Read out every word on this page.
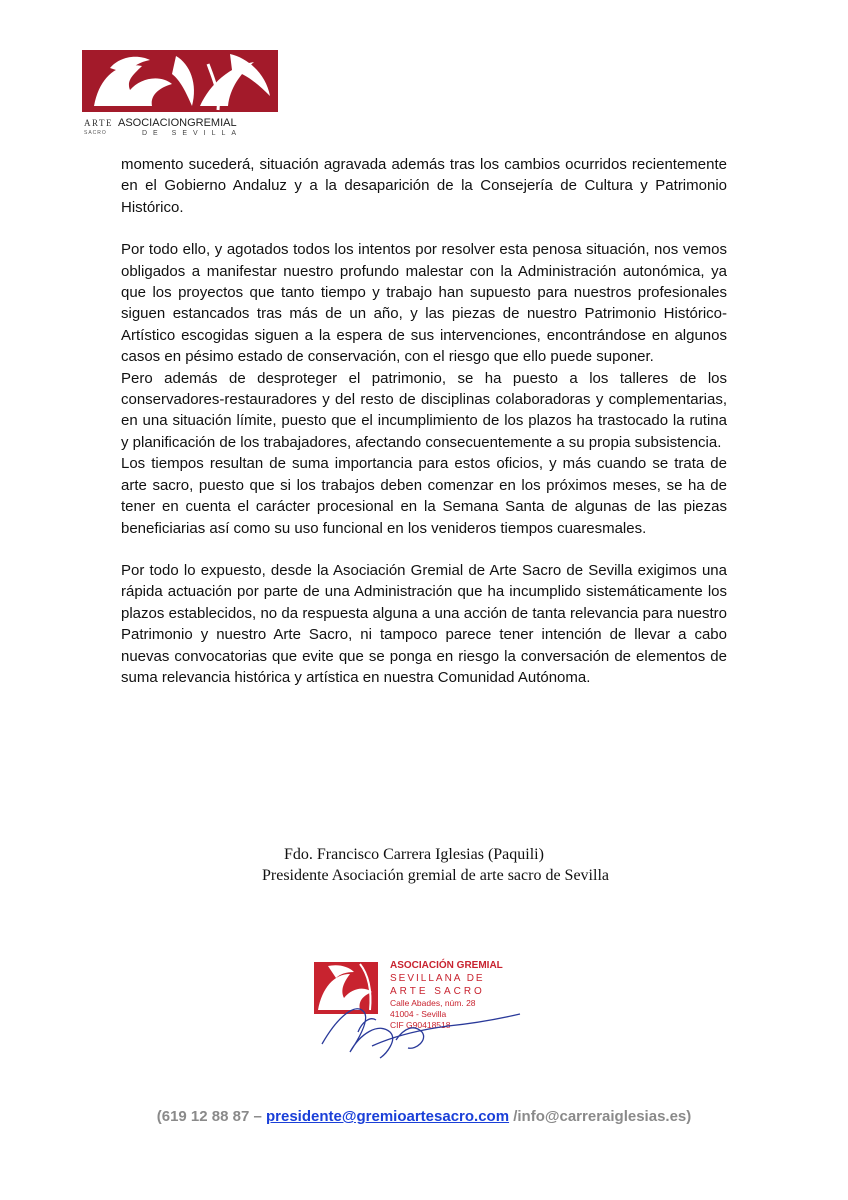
ARTE ASOCIACIONGREMIAL
SACRO	DE SEVILLA

momento sucederá, situación agravada además tras los cambios ocurridos recientemente en el Gobierno Andaluz y a la desaparición de la Consejería de Cultura y Patrimonio Histórico.

Por todo ello, y agotados todos los intentos por resolver esta penosa situación, nos vemos obligados a manifestar nuestro profundo malestar con la Administración autonómica, ya que los proyectos que tanto tiempo y trabajo han supuesto para nuestros profesionales siguen estancados tras más de un año, y las piezas de nuestro Patrimonio Histórico-Artístico escogidas siguen a la espera de sus intervenciones, encontrándose en algunos casos en pésimo estado de conservación, con el riesgo que ello puede suponer.

Pero además de desproteger el patrimonio, se ha puesto a los talleres de los conservadores-restauradores y del resto de disciplinas colaboradoras y complementarias, en una situación límite, puesto que el incumplimiento de los plazos ha trastocado la rutina y planificación de los trabajadores, afectando consecuentemente a su propia subsistencia.

Los tiempos resultan de suma importancia para estos oficios, y más cuando se trata de arte sacro, puesto que si los trabajos deben comenzar en los próximos meses, se ha de tener en cuenta el carácter procesional en la Semana Santa de algunas de las piezas beneficiarias así como su uso funcional en los venideros tiempos cuaresmales.

Por todo lo expuesto, desde la Asociación Gremial de Arte Sacro de Sevilla exigimos una rápida actuación por parte de una Administración que ha incumplido sistemáticamente los plazos establecidos, no da respuesta alguna a una acción de tanta relevancia para nuestro Patrimonio y nuestro Arte Sacro, ni tampoco parece tener intención de llevar a cabo nuevas convocatorias que evite que se ponga en riesgo la conversación de elementos de suma relevancia histórica y artística en nuestra Comunidad Autónoma.

Fdo. Francisco Carrera Iglesias (Paquili)
Presidente Asociación gremial de arte sacro de Sevilla
ASOCIACIÓN GREMIAL
SEVILLANA DE
ARTE SACRO
Calle Abades, núm. 28
41004 - Sevilla
CIF G90418518
(619 12 88 87 – presidente@gremioartesacro.com /info@carreraiglesias.es)
